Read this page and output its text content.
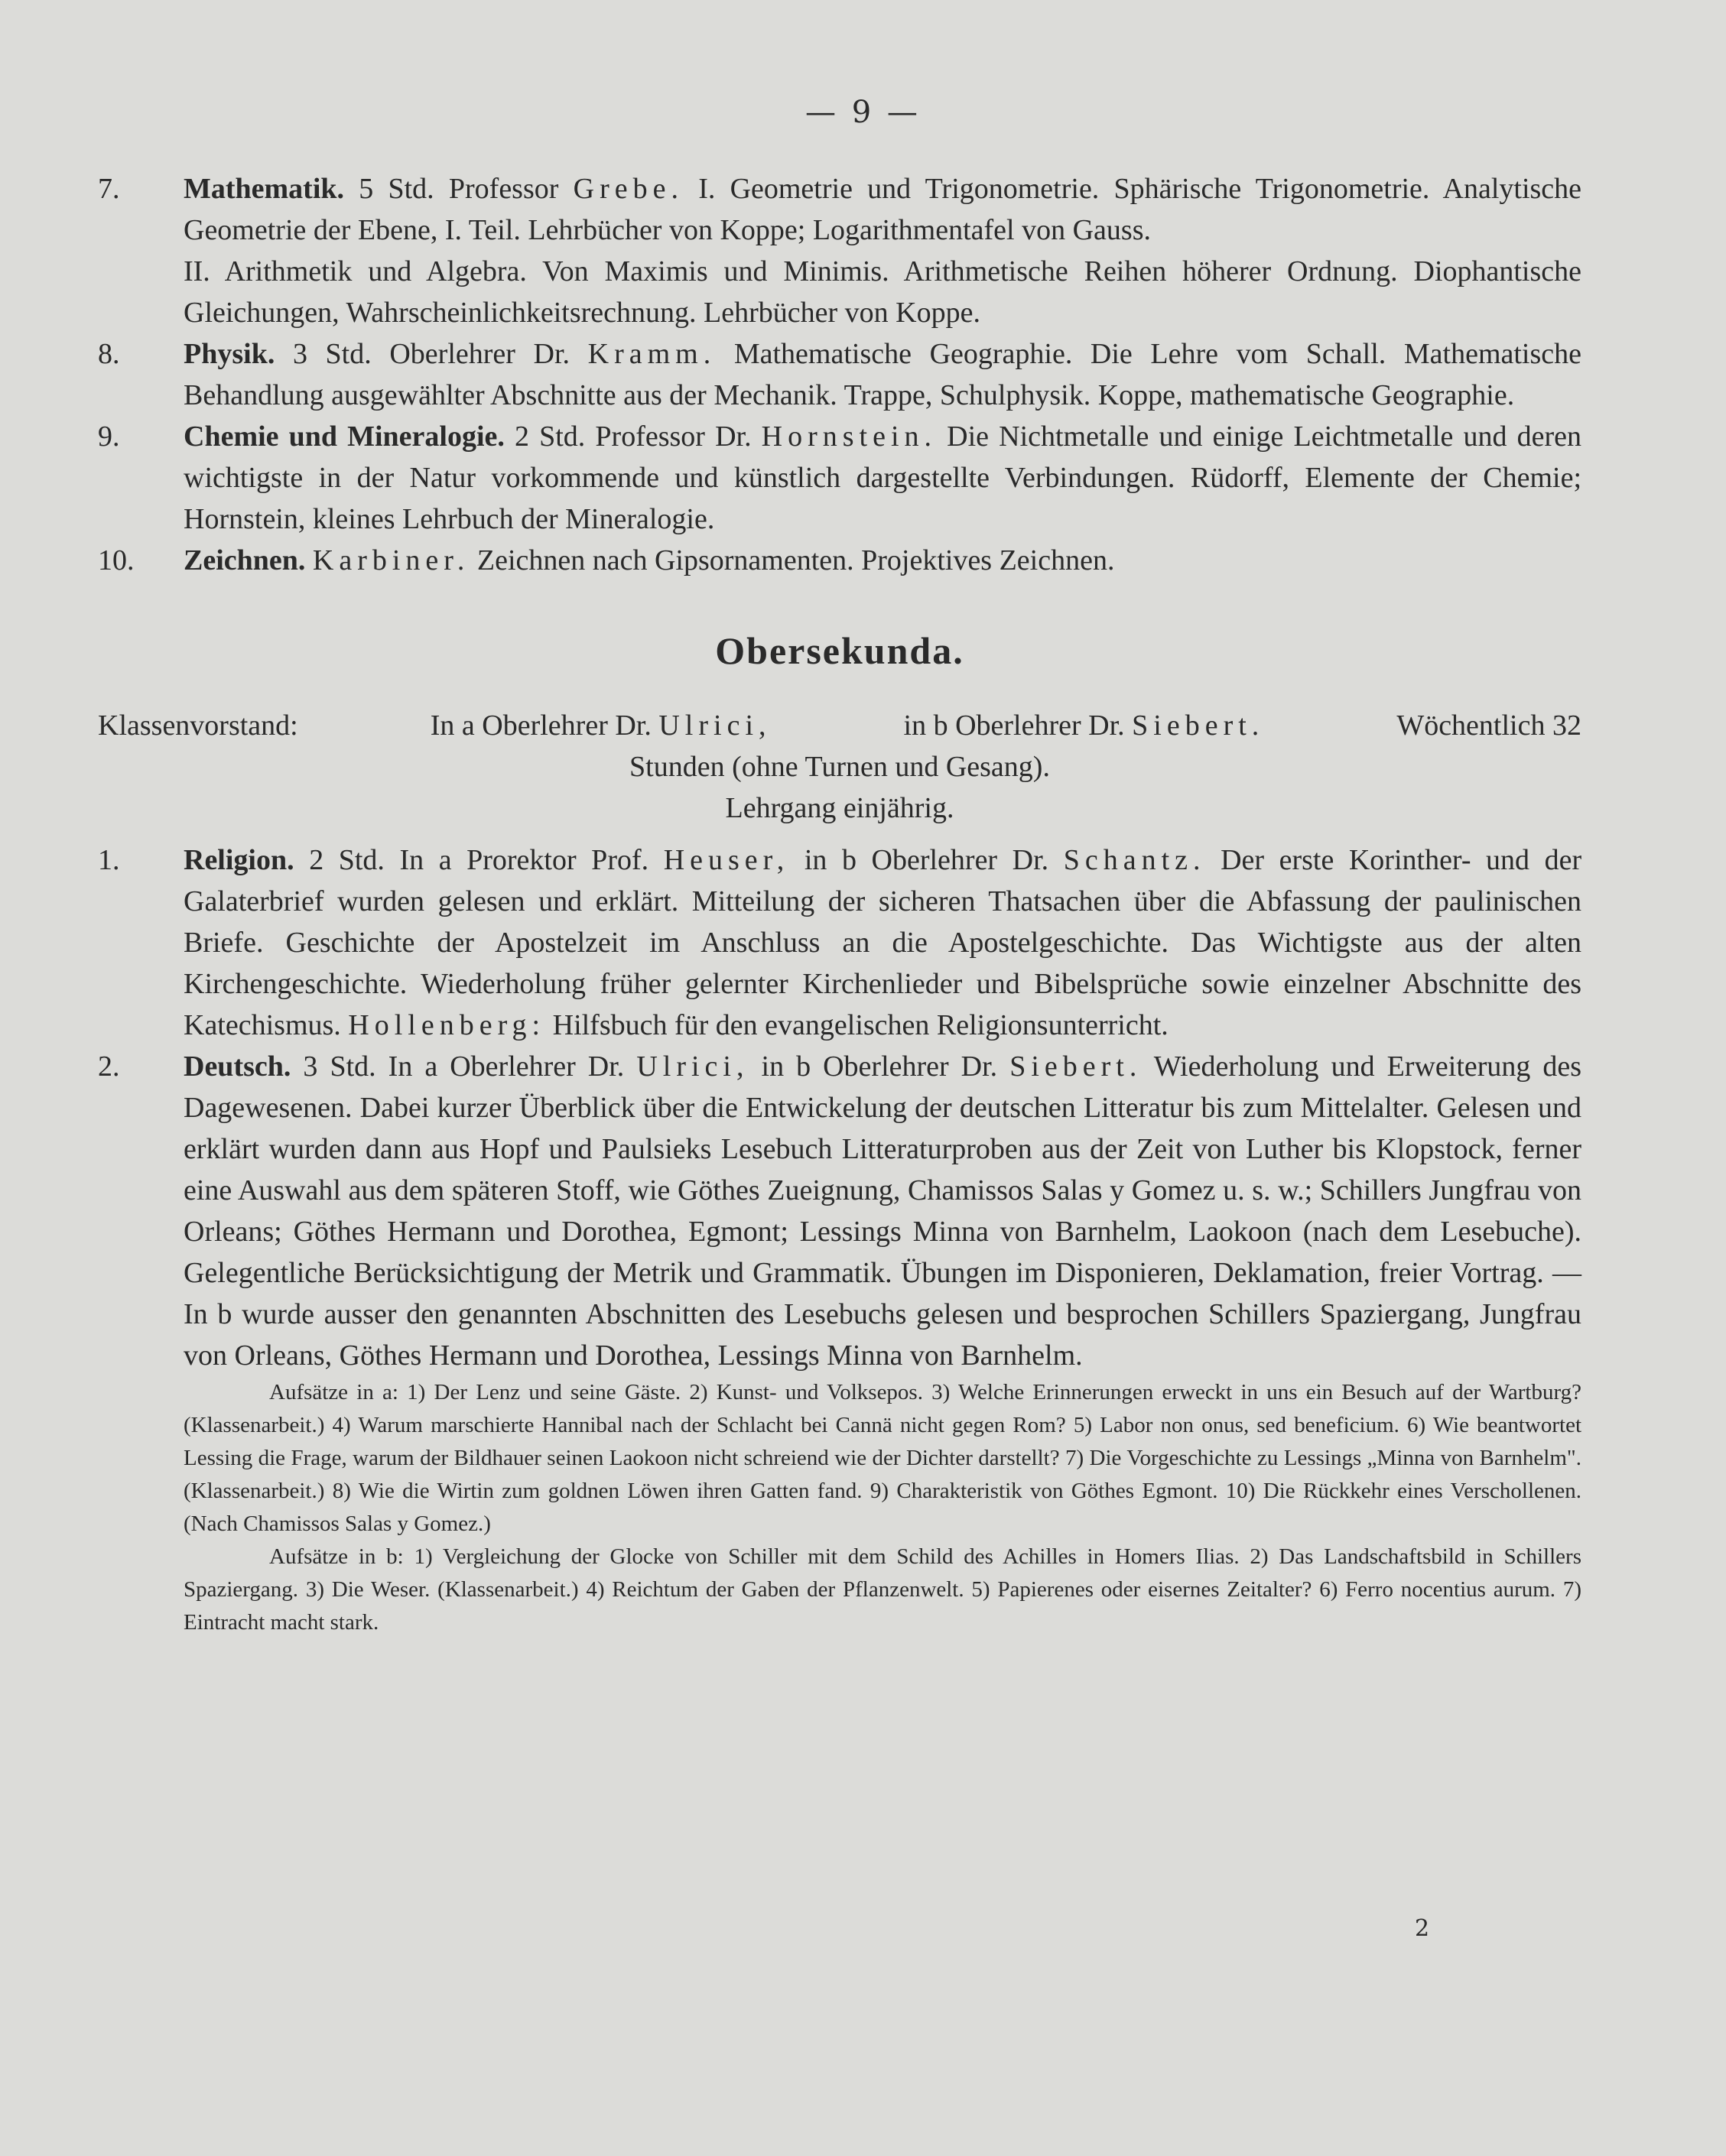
— 9 —
7.	Mathematik. 5 Std. Professor Grebe. I. Geometrie und Trigonometrie. Sphärische Trigonometrie. Analytische Geometrie der Ebene, I. Teil. Lehrbücher von Koppe; Logarithmentafel von Gauss.

II. Arithmetik und Algebra. Von Maximis und Minimis. Arithmetische Reihen höherer Ordnung. Diophantische Gleichungen, Wahrscheinlichkeitsrechnung. Lehrbücher von Koppe.

8.	Physik. 3 Std. Oberlehrer Dr. Kramm. Mathematische Geographie. Die Lehre vom Schall. Mathematische Behandlung ausgewählter Abschnitte aus der Mechanik. Trappe, Schulphysik. Koppe, mathematische Geographie.

9.	Chemie und Mineralogie. 2 Std. Professor Dr. Hornstein. Die Nichtmetalle und einige Leichtmetalle und deren wichtigste in der Natur vorkommende und künstlich dargestellte Verbindungen. Rüdorff, Elemente der Chemie; Hornstein, kleines Lehrbuch der Mineralogie.

10.	Zeichnen. Karbiner. Zeichnen nach Gipsornamenten. Projektives Zeichnen.

Obersekunda.
Klassenvorstand:	In a Oberlehrer Dr. Ulrici,	in b Oberlehrer Dr. Siebert.	Wöchentlich 32
Stunden (ohne Turnen und Gesang).
Lehrgang einjährig.
1.	Religion. 2 Std. In a Prorektor Prof. Heuser, in b Oberlehrer Dr. Schantz. Der erste Korinther- und der Galaterbrief wurden gelesen und erklärt. Mitteilung der sicheren Thatsachen über die Abfassung der paulinischen Briefe. Geschichte der Apostelzeit im Anschluss an die Apostelgeschichte. Das Wichtigste aus der alten Kirchengeschichte. Wiederholung früher gelernter Kirchenlieder und Bibelsprüche sowie einzelner Abschnitte des Katechismus. Hollenberg: Hilfsbuch für den evangelischen Religionsunterricht.

2.	Deutsch. 3 Std. In a Oberlehrer Dr. Ulrici, in b Oberlehrer Dr. Siebert. Wiederholung und Erweiterung des Dagewesenen. Dabei kurzer Überblick über die Entwickelung der deutschen Litteratur bis zum Mittelalter. Gelesen und erklärt wurden dann aus Hopf und Paulsieks Lesebuch Litteraturproben aus der Zeit von Luther bis Klopstock, ferner eine Auswahl aus dem späteren Stoff, wie Göthes Zueignung, Chamissos Salas y Gomez u. s. w.; Schillers Jungfrau von Orleans; Göthes Hermann und Dorothea, Egmont; Lessings Minna von Barnhelm, Laokoon (nach dem Lesebuche). Gelegentliche Berücksichtigung der Metrik und Grammatik. Übungen im Disponieren, Deklamation, freier Vortrag. — In b wurde ausser den genannten Abschnitten des Lesebuchs gelesen und besprochen Schillers Spaziergang, Jungfrau von Orleans, Göthes Hermann und Dorothea, Lessings Minna von Barnhelm.

Aufsätze in a: 1) Der Lenz und seine Gäste. 2) Kunst- und Volksepos. 3) Welche Erinnerungen erweckt in uns ein Besuch auf der Wartburg? (Klassenarbeit.) 4) Warum marschierte Hannibal nach der Schlacht bei Cannä nicht gegen Rom? 5) Labor non onus, sed beneficium. 6) Wie beantwortet Lessing die Frage, warum der Bildhauer seinen Laokoon nicht schreiend wie der Dichter darstellt? 7) Die Vorgeschichte zu Lessings „Minna von Barnhelm". (Klassenarbeit.) 8) Wie die Wirtin zum goldnen Löwen ihren Gatten fand. 9) Charakteristik von Göthes Egmont. 10) Die Rückkehr eines Verschollenen. (Nach Chamissos Salas y Gomez.)

Aufsätze in b: 1) Vergleichung der Glocke von Schiller mit dem Schild des Achilles in Homers Ilias. 2) Das Landschaftsbild in Schillers Spaziergang. 3) Die Weser. (Klassenarbeit.) 4) Reichtum der Gaben der Pflanzenwelt. 5) Papierenes oder eisernes Zeitalter? 6) Ferro nocentius aurum. 7) Eintracht macht stark.

2
